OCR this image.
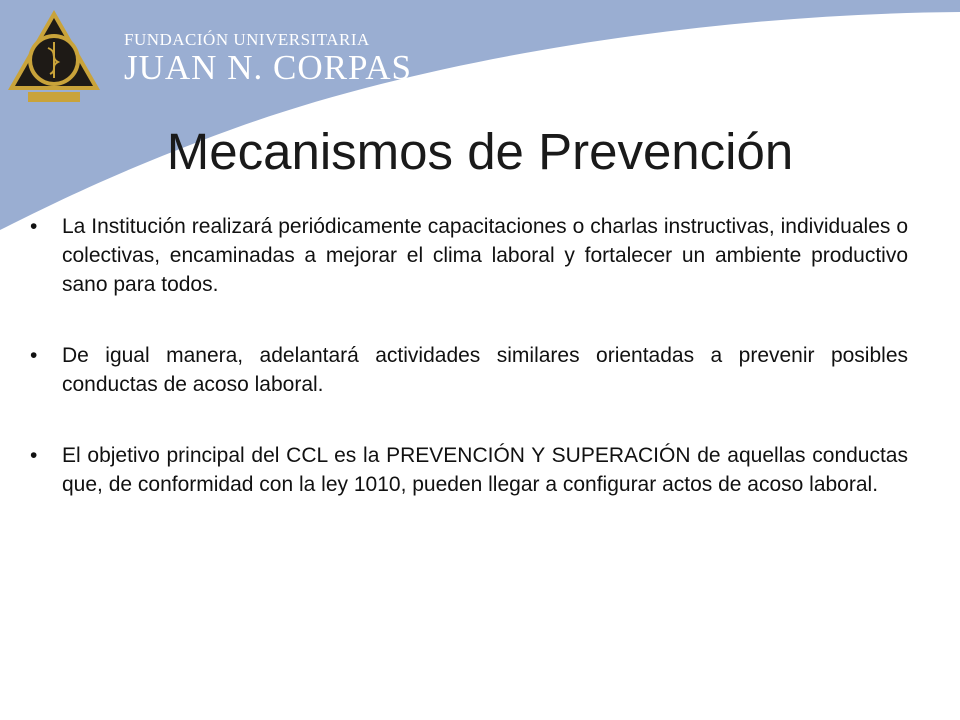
FUNDACIÓN UNIVERSITARIA
JUAN N. CORPAS
Mecanismos de Prevención
• La Institución realizará periódicamente capacitaciones o charlas instructivas, individuales o colectivas, encaminadas a mejorar el clima laboral y fortalecer un ambiente productivo sano para todos.
• De igual manera, adelantará actividades similares orientadas a prevenir posibles conductas de acoso laboral.
• El objetivo principal del CCL es la PREVENCIÓN Y SUPERACIÓN de aquellas conductas que, de conformidad con la ley 1010, pueden llegar a configurar actos de acoso laboral.
